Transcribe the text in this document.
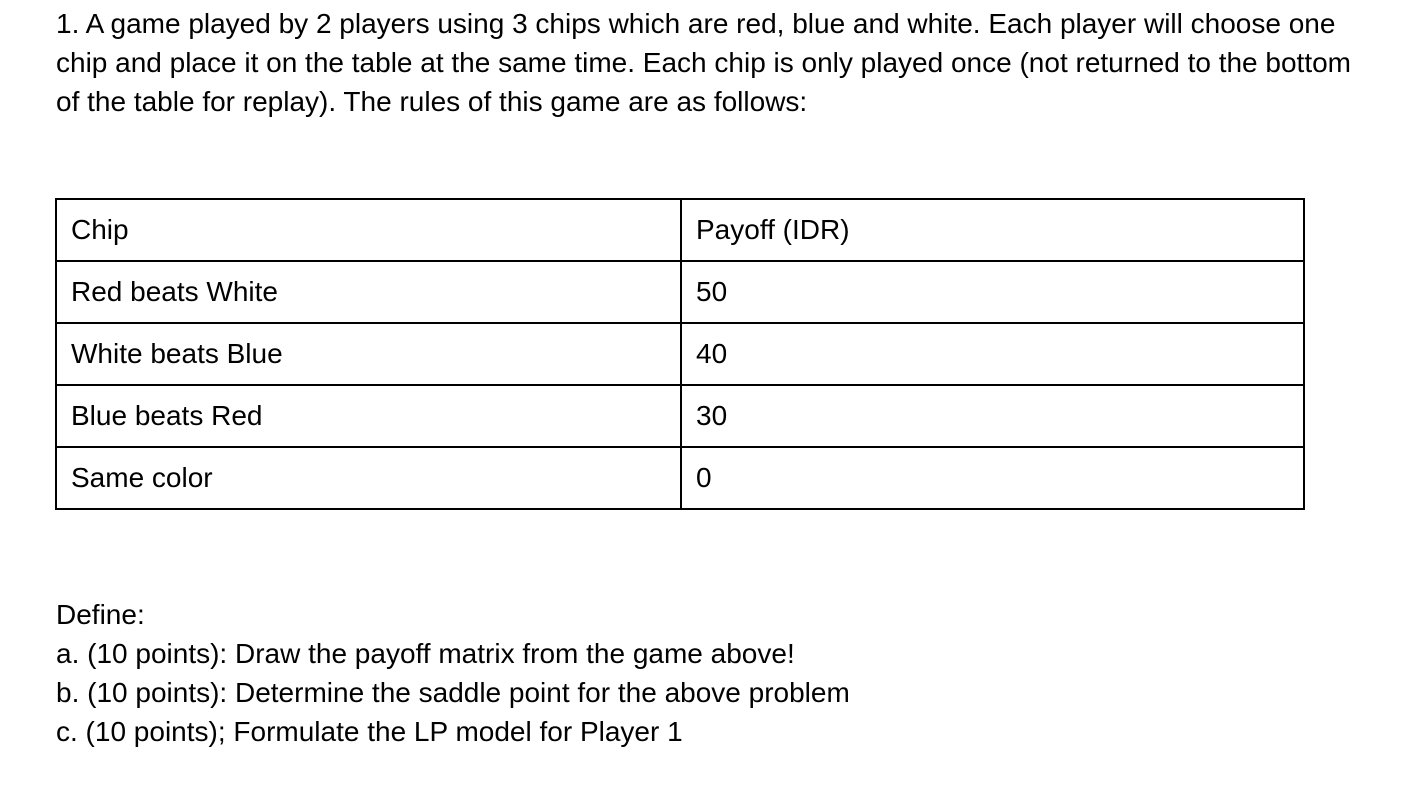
1. A game played by 2 players using 3 chips which are red, blue and white. Each player will choose one chip and place it on the table at the same time. Each chip is only played once (not returned to the bottom of the table for replay). The rules of this game are as follows:

Chip	Payoff (IDR)
Red beats White	50
White beats Blue	40
Blue beats Red	30
Same color	0
Define:
a. (10 points): Draw the payoff matrix from the game above!
b. (10 points): Determine the saddle point for the above problem
c. (10 points); Formulate the LP model for Player 1
